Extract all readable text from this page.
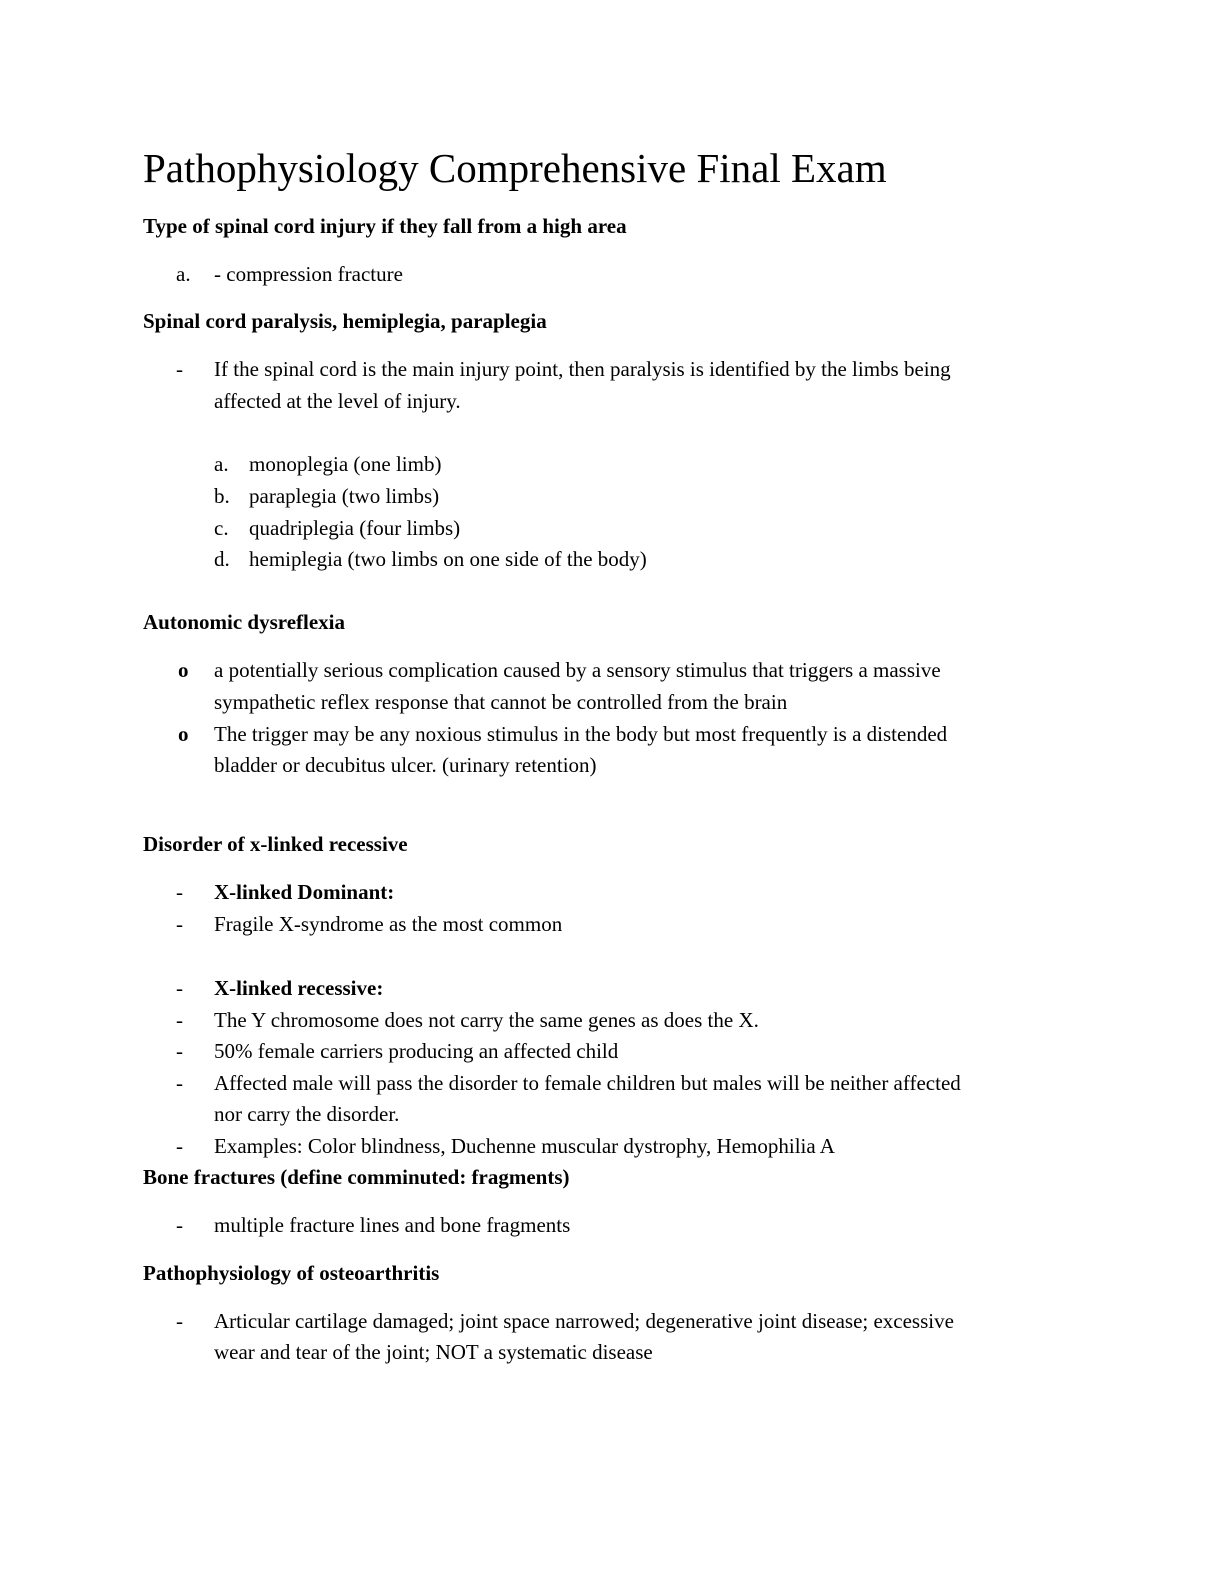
Pathophysiology Comprehensive Final Exam
Type of spinal cord injury if they fall from a high area
a. - compression fracture
Spinal cord paralysis, hemiplegia, paraplegia
- If the spinal cord is the main injury point, then paralysis is identified by the limbs being
affected at the level of injury.
a. monoplegia (one limb)
b. paraplegia (two limbs)
c. quadriplegia (four limbs)
d. hemiplegia (two limbs on one side of the body)
Autonomic dysreflexia
o a potentially serious complication caused by a sensory stimulus that triggers a massive
sympathetic reflex response that cannot be controlled from the brain
o The trigger may be any noxious stimulus in the body but most frequently is a distended
bladder or decubitus ulcer. (urinary retention)
Disorder of x-linked recessive
- X-linked Dominant:
- Fragile X-syndrome as the most common
- X-linked recessive:
- The Y chromosome does not carry the same genes as does the X.
- 50% female carriers producing an affected child
- Affected male will pass the disorder to female children but males will be neither affected
nor carry the disorder.
- Examples: Color blindness, Duchenne muscular dystrophy, Hemophilia A
Bone fractures (define comminuted: fragments)
- multiple fracture lines and bone fragments
Pathophysiology of osteoarthritis
- Articular cartilage damaged; joint space narrowed; degenerative joint disease; excessive
wear and tear of the joint; NOT a systematic disease
